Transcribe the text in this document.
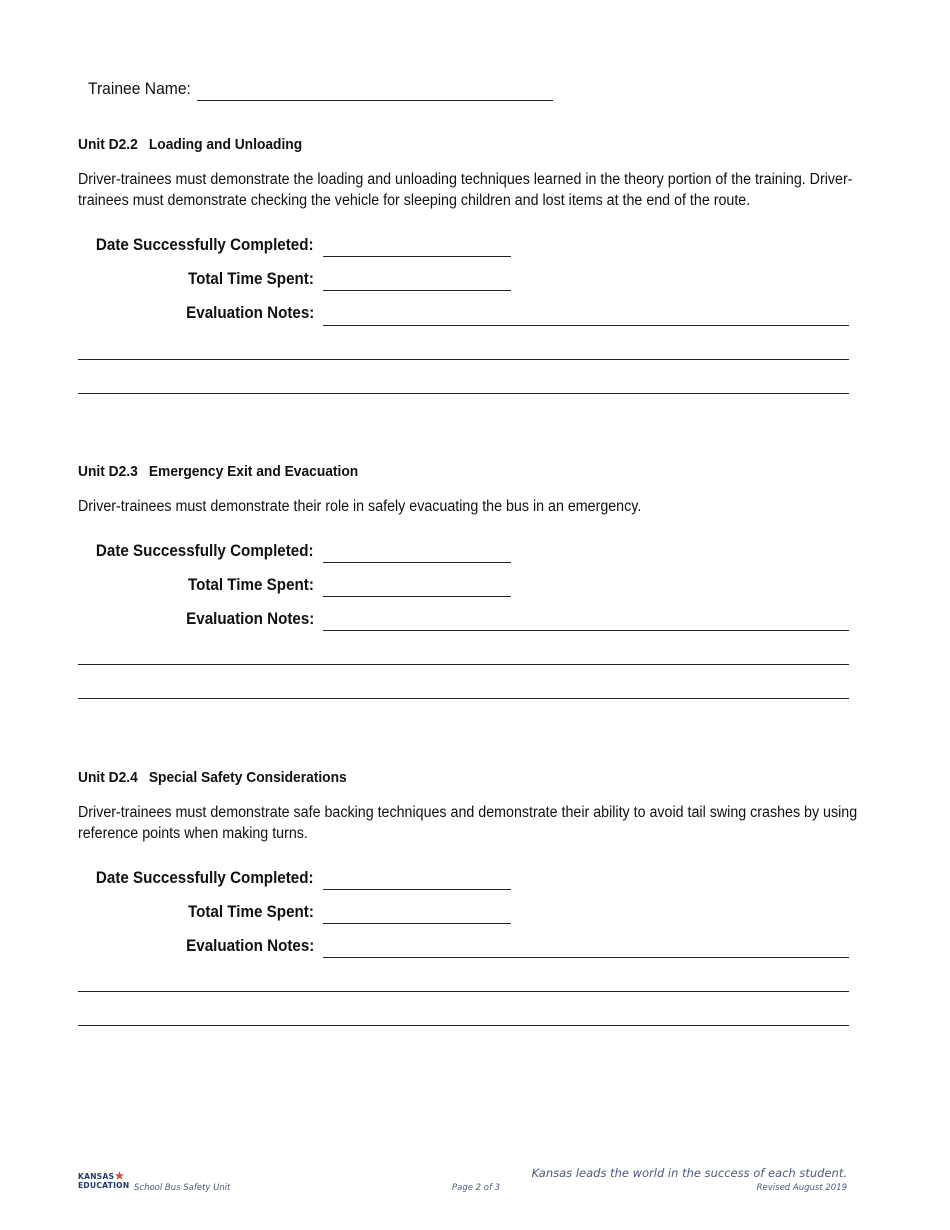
Trainee Name:
Unit D2.2 Loading and Unloading
Driver-trainees must demonstrate the loading and unloading techniques learned in the theory portion of the training. Driver-trainees must demonstrate checking the vehicle for sleeping children and lost items at the end of the route.
Date Successfully Completed:
Total Time Spent:
Evaluation Notes:
Unit D2.3 Emergency Exit and Evacuation
Driver-trainees must demonstrate their role in safely evacuating the bus in an emergency.
Date Successfully Completed:
Total Time Spent:
Evaluation Notes:
Unit D2.4 Special Safety Considerations
Driver-trainees must demonstrate safe backing techniques and demonstrate their ability to avoid tail swing crashes by using reference points when making turns.
Date Successfully Completed:
Total Time Spent:
Evaluation Notes:
KANSAS
EDUCATION School Bus Safety Unit	Page 2 of 3
Kansas leads the world in the success of each student.
Revised August 2019
